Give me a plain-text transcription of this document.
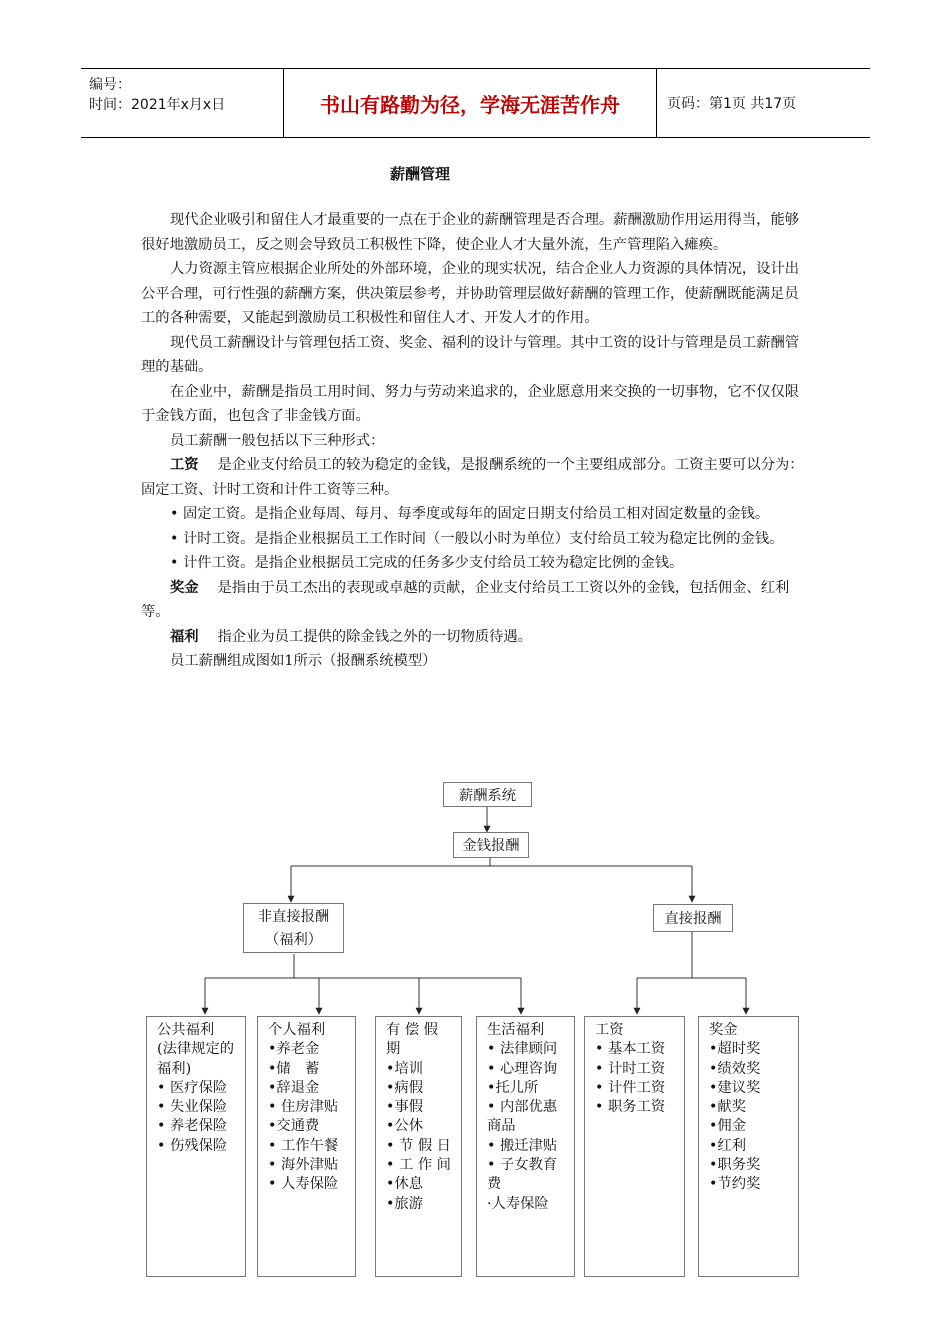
编号：
时间：2021年x月x日	书山有路勤为径，学海无涯苦作舟	页码：第1页 共17页
薪酬管理

现代企业吸引和留住人才最重要的一点在于企业的薪酬管理是否合理。薪酬激励作用运用得当，能够很好地激励员工，反之则会导致员工积极性下降，使企业人才大量外流，生产管理陷入瘫痪。

人力资源主管应根据企业所处的外部环境，企业的现实状况，结合企业人力资源的具体情况，设计出公平合理，可行性强的薪酬方案，供决策层参考，并协助管理层做好薪酬的管理工作，使薪酬既能满足员工的各种需要，又能起到激励员工积极性和留住人才、开发人才的作用。

现代员工薪酬设计与管理包括工资、奖金、福利的设计与管理。其中工资的设计与管理是员工薪酬管理的基础。

在企业中，薪酬是指员工用时间、努力与劳动来追求的，企业愿意用来交换的一切事物，它不仅仅限于金钱方面，也包含了非金钱方面。

员工薪酬一般包括以下三种形式：

工资　 是企业支付给员工的较为稳定的金钱，是报酬系统的一个主要组成部分。工资主要可以分为：固定工资、计时工资和计件工资等三种。

• 固定工资。是指企业每周、每月、每季度或每年的固定日期支付给员工相对固定数量的金钱。

• 计时工资。是指企业根据员工工作时间（一般以小时为单位）支付给员工较为稳定比例的金钱。

• 计件工资。是指企业根据员工完成的任务多少支付给员工较为稳定比例的金钱。

奖金　 是指由于员工杰出的表现或卓越的贡献，企业支付给员工工资以外的金钱，包括佣金、红利等。

福利　 指企业为员工提供的除金钱之外的一切物质待遇。

员工薪酬组成图如1所示（报酬系统模型）

薪酬系统
金钱报酬
非直接报酬
（福利）
直接报酬
公共福利
(法律规定的福利)
• 医疗保险
• 失业保险
• 养老保险
• 伤残保险
个人福利
•养老金
•储　蓄
•辞退金
• 住房津贴
•交通费
• 工作午餐
• 海外津贴
• 人寿保险
有 偿 假 期
•培训
•病假
•事假
•公休
• 节 假 日
• 工 作 间
•休息
•旅游
生活福利
• 法律顾问
• 心理咨询
•托儿所
• 内部优惠商品
• 搬迁津贴
• 子女教育费
·人寿保险
工资
• 基本工资
• 计时工资
• 计件工资
• 职务工资
奖金
•超时奖
•绩效奖
•建议奖
•献奖
•佣金
•红利
•职务奖
•节约奖
